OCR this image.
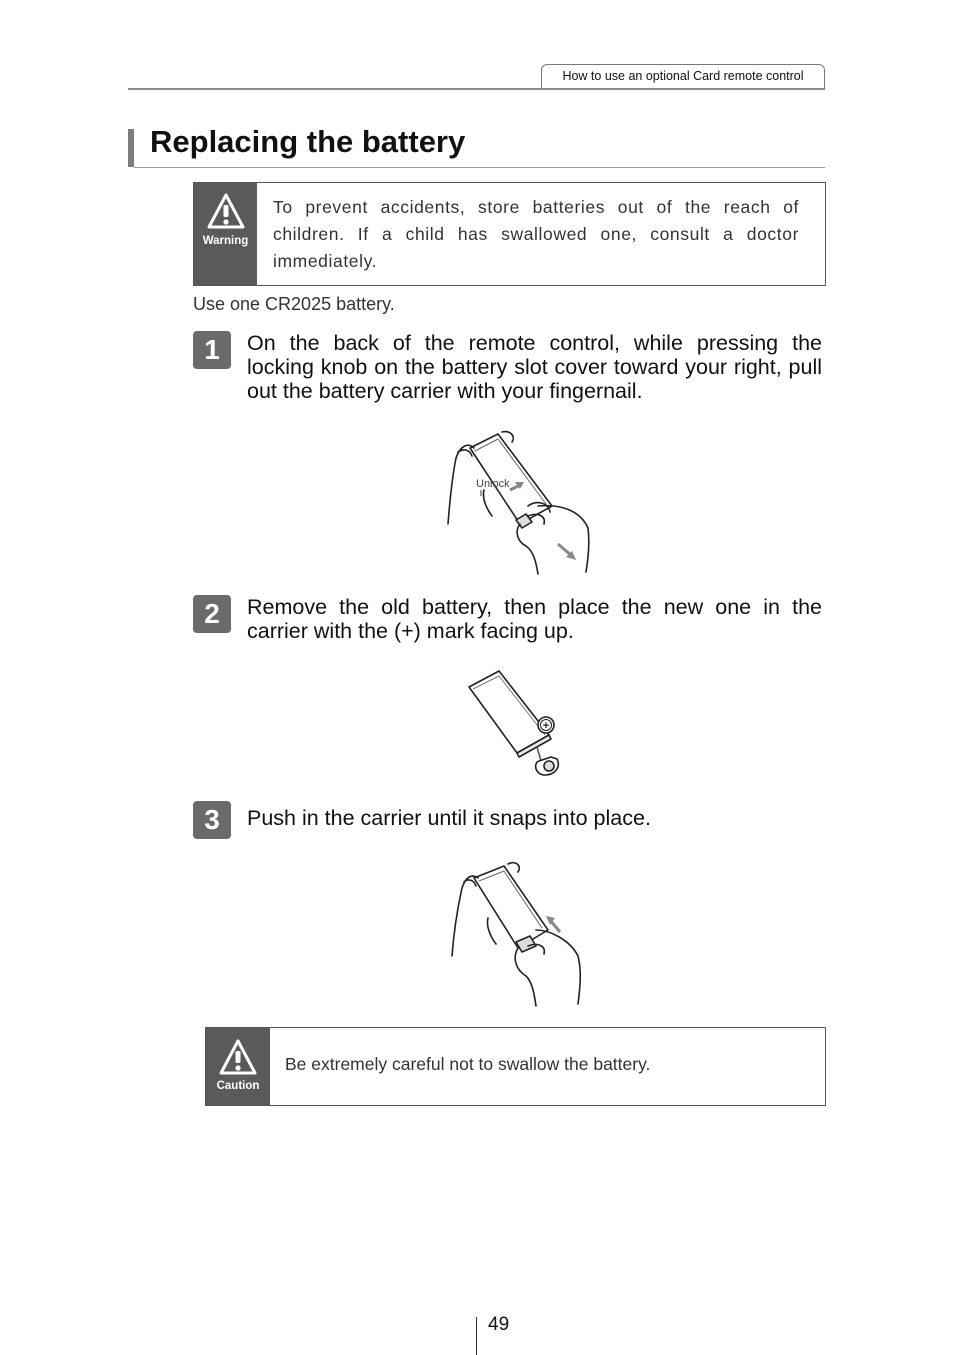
How to use an optional Card remote control
Replacing the battery
Warning
To prevent accidents, store batteries out of the reach of children. If a child has swallowed one, consult a doctor immediately.
Use one CR2025 battery.
1	On the back of the remote control, while pressing the locking knob on the battery slot cover toward your right, pull out the battery carrier with your fingernail.
Unlock
2	Remove the old battery, then place the new one in the carrier with the (+) mark facing up.
+
3	Push in the carrier until it snaps into place.
Caution
Be extremely careful not to swallow the battery.
49
